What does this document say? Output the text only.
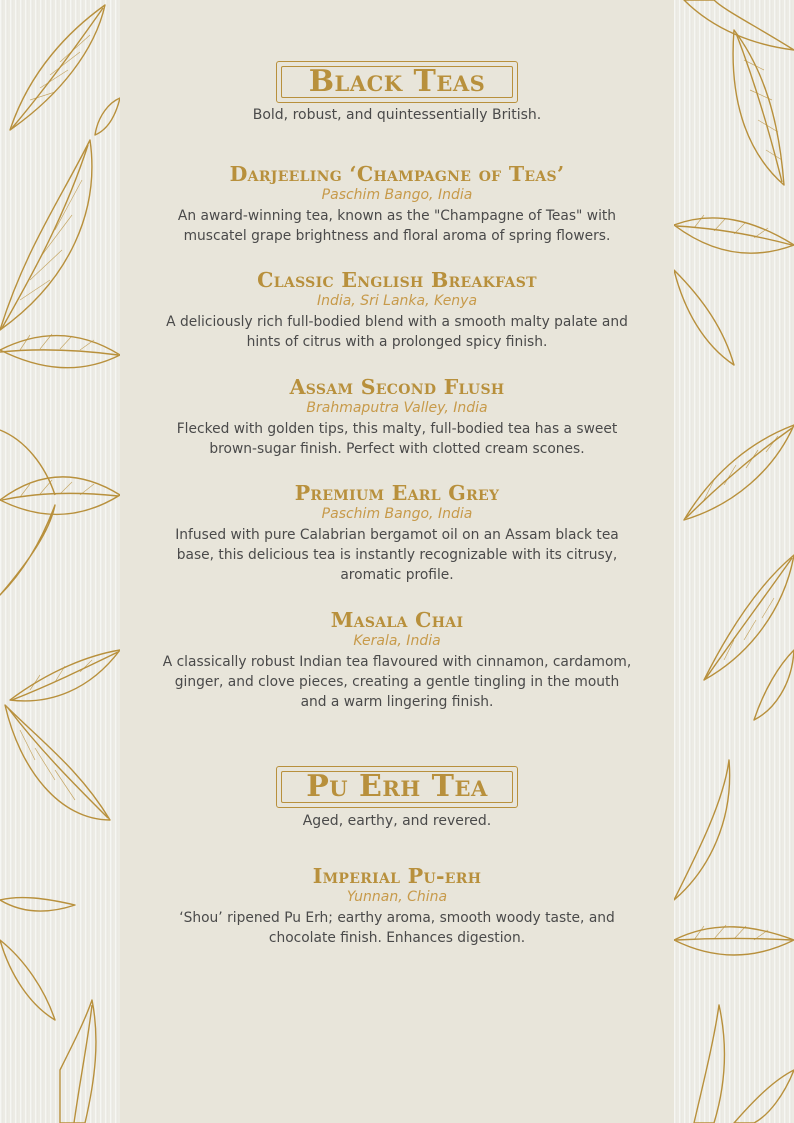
Black Teas
Bold, robust, and quintessentially British.
Darjeeling ‘Champagne of Teas’
Paschim Bango, India
An award-winning tea, known as the "Champagne of Teas" with muscatel grape brightness and floral aroma of spring flowers.
Classic English Breakfast
India, Sri Lanka, Kenya
A deliciously rich full-bodied blend with a smooth malty palate and hints of citrus with a prolonged spicy finish.
Assam Second Flush
Brahmaputra Valley, India
Flecked with golden tips, this malty, full-bodied tea has a sweet brown-sugar finish. Perfect with clotted cream scones.
Premium Earl Grey
Paschim Bango, India
Infused with pure Calabrian bergamot oil on an Assam black tea base, this delicious tea is instantly recognizable with its citrusy, aromatic profile.
Masala Chai
Kerala, India
A classically robust Indian tea flavoured with cinnamon, cardamom, ginger, and clove pieces, creating a gentle tingling in the mouth and a warm lingering finish.
Pu Erh Tea
Aged, earthy, and revered.
Imperial Pu-erh
Yunnan, China
‘Shou’ ripened Pu Erh; earthy aroma, smooth woody taste, and chocolate finish. Enhances digestion.
